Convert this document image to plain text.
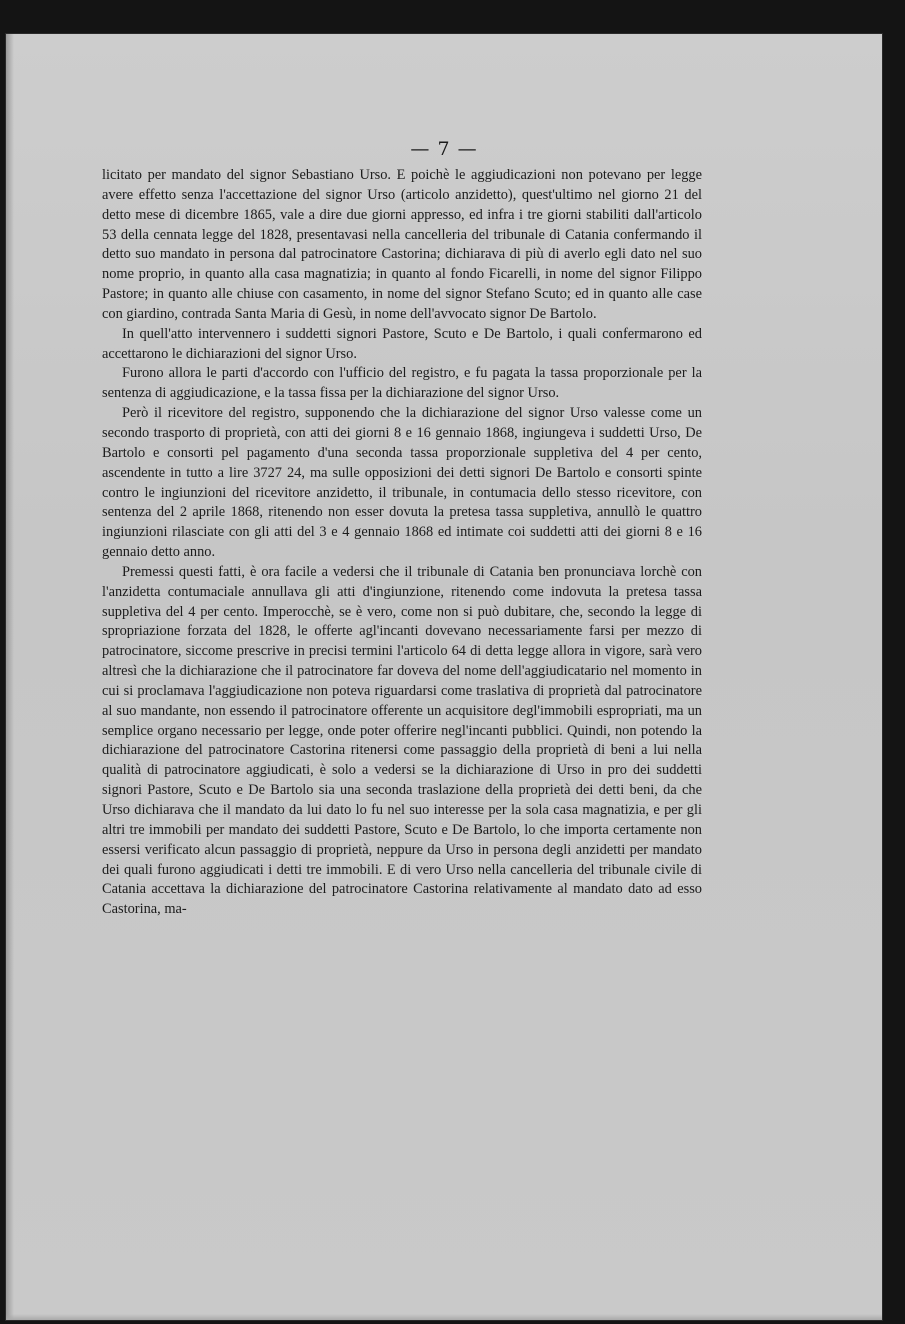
— 7 —

licitato per mandato del signor Sebastiano Urso. E poichè le aggiudicazioni non potevano per legge avere effetto senza l'accettazione del signor Urso (articolo anzidetto), quest'ultimo nel giorno 21 del detto mese di dicembre 1865, vale a dire due giorni appresso, ed infra i tre giorni stabiliti dall'articolo 53 della cennata legge del 1828, presentavasi nella cancelleria del tribunale di Catania confermando il detto suo mandato in persona dal patrocinatore Castorina; dichiarava di più di averlo egli dato nel suo nome proprio, in quanto alla casa magnatizia; in quanto al fondo Ficarelli, in nome del signor Filippo Pastore; in quanto alle chiuse con casamento, in nome del signor Stefano Scuto; ed in quanto alle case con giardino, contrada Santa Maria di Gesù, in nome dell'avvocato signor De Bartolo.

In quell'atto intervennero i suddetti signori Pastore, Scuto e De Bartolo, i quali confermarono ed accettarono le dichiarazioni del signor Urso.

Furono allora le parti d'accordo con l'ufficio del registro, e fu pagata la tassa proporzionale per la sentenza di aggiudicazione, e la tassa fissa per la dichiarazione del signor Urso.

Però il ricevitore del registro, supponendo che la dichiarazione del signor Urso valesse come un secondo trasporto di proprietà, con atti dei giorni 8 e 16 gennaio 1868, ingiungeva i suddetti Urso, De Bartolo e consorti pel pagamento d'una seconda tassa proporzionale suppletiva del 4 per cento, ascendente in tutto a lire 3727 24, ma sulle opposizioni dei detti signori De Bartolo e consorti spinte contro le ingiunzioni del ricevitore anzidetto, il tribunale, in contumacia dello stesso ricevitore, con sentenza del 2 aprile 1868, ritenendo non esser dovuta la pretesa tassa suppletiva, annullò le quattro ingiunzioni rilasciate con gli atti del 3 e 4 gennaio 1868 ed intimate coi suddetti atti dei giorni 8 e 16 gennaio detto anno.

Premessi questi fatti, è ora facile a vedersi che il tribunale di Catania ben pronunciava lorchè con l'anzidetta contumaciale annullava gli atti d'ingiunzione, ritenendo come indovuta la pretesa tassa suppletiva del 4 per cento. Imperocchè, se è vero, come non si può dubitare, che, secondo la legge di spropriazione forzata del 1828, le offerte agl'incanti dovevano necessariamente farsi per mezzo di patrocinatore, siccome prescrive in precisi termini l'articolo 64 di detta legge allora in vigore, sarà vero altresì che la dichiarazione che il patrocinatore far doveva del nome dell'aggiudicatario nel momento in cui si proclamava l'aggiudicazione non poteva riguardarsi come traslativa di proprietà dal patrocinatore al suo mandante, non essendo il patrocinatore offerente un acquisitore degl'immobili espropriati, ma un semplice organo necessario per legge, onde poter offerire negl'incanti pubblici. Quindi, non potendo la dichiarazione del patrocinatore Castorina ritenersi come passaggio della proprietà di beni a lui nella qualità di patrocinatore aggiudicati, è solo a vedersi se la dichiarazione di Urso in pro dei suddetti signori Pastore, Scuto e De Bartolo sia una seconda traslazione della proprietà dei detti beni, da che Urso dichiarava che il mandato da lui dato lo fu nel suo interesse per la sola casa magnatizia, e per gli altri tre immobili per mandato dei suddetti Pastore, Scuto e De Bartolo, lo che importa certamente non essersi verificato alcun passaggio di proprietà, neppure da Urso in persona degli anzidetti per mandato dei quali furono aggiudicati i detti tre immobili. E di vero Urso nella cancelleria del tribunale civile di Catania accettava la dichiarazione del patrocinatore Castorina relativamente al mandato dato ad esso Castorina, ma-
